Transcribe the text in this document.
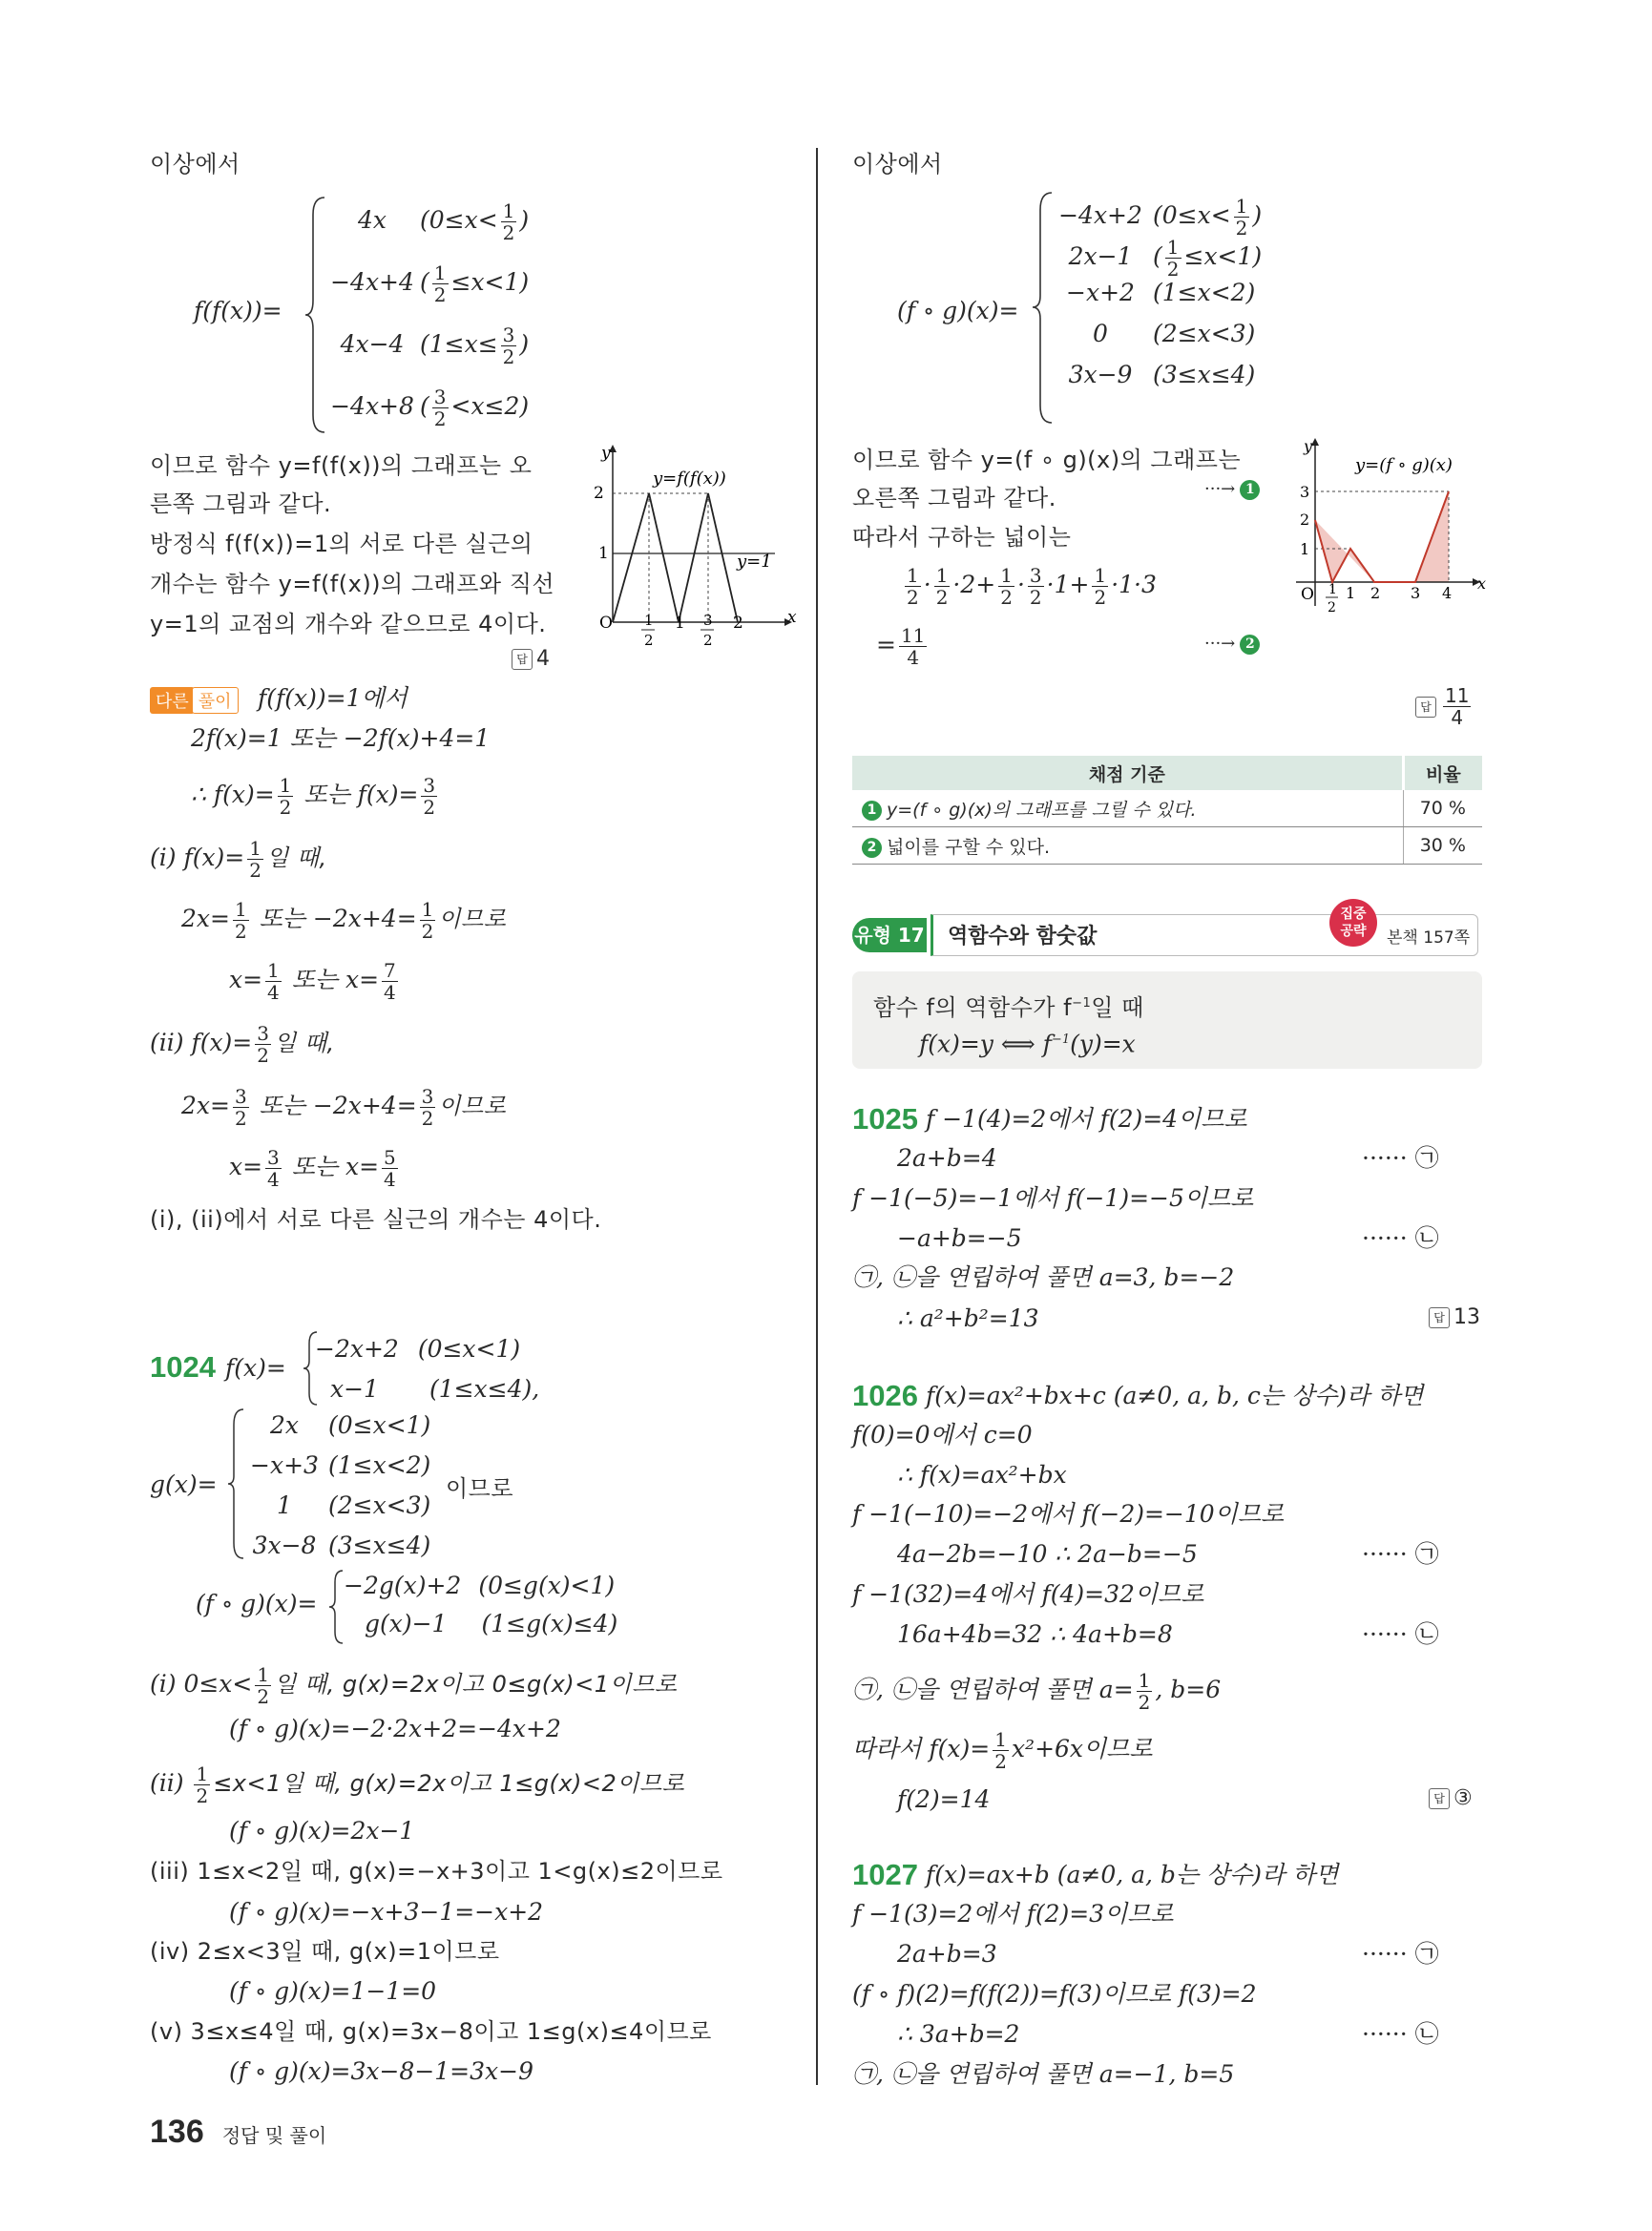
이상에서
f(f(x))=
4x ($0\le x< \frac{1}{2}$ )
−4x+4 ( $\frac{1}{2} \le x<1$)
4x−4 ($1\le x\le \frac{3}{2}$ )
−4x+8 ( $\frac{3}{2} <x\le 2$)
이므로 함수 y=f(f(x))의 그래프는 오
른쪽 그림과 같다.
방정식 f(f(x))=1의 서로 다른 실근의
개수는 함수 y=f(f(x))의 그래프와 직선
y=1의 교점의 개수와 같으므로 4이다.
답 4
y
x
y=f(f(x))
y=1
2
1
O 1
2
1 3
2
2
다른 풀이 f(f(x))=1에서
2f(x)=1 또는 −2f(x)+4=1
∴ $f(x)= \frac{1}{2}$ 또는 $f(x)= \frac{3}{2}$
(i) $f(x)= \frac{1}{2}$ 일 때,
$2x= \frac{1}{2}$ 또는 $-2x+4= \frac{1}{2}$ 이므로
$x= \frac{1}{4}$ 또는 $x= \frac{7}{4}$
(ii) $f(x)= \frac{3}{2}$ 일 때,
$2x= \frac{3}{2}$ 또는 $-2x+4= \frac{3}{2}$ 이므로
$x= \frac{3}{4}$ 또는 $x= \frac{5}{4}$
(i), (ii)에서 서로 다른 실근의 개수는 4이다.
1024 f(x)=
−2x+2 (0≤x<1)
x−1 (1≤x≤4),
g(x)=
2x (0≤x<1)
−x+3 (1≤x<2)
1 (2≤x<3)
3x−8 (3≤x≤4)
이므로
(f ∘ g)(x)=
−2g(x)+2 (0≤g(x)<1)
g(x)−1 (1≤g(x)≤4)
(i) $0\le x< \frac{1}{2}$ 일 때, g(x)=2x이고 0≤g(x)<1이므로
(f ∘ g)(x)=−2·2x+2=−4x+2
$(ii) \frac{1}{2} \le x<1$일 때, g(x)=2x이고 1≤g(x)<2이므로
(f ∘ g)(x)=2x−1
(iii) 1≤x<2일 때, g(x)=−x+3이고 1<g(x)≤2이므로
(f ∘ g)(x)=−x+3−1=−x+2
(iv) 2≤x<3일 때, g(x)=1이므로
(f ∘ g)(x)=1−1=0
(v) 3≤x≤4일 때, g(x)=3x−8이고 1≤g(x)≤4이므로
(f ∘ g)(x)=3x−8−1=3x−9
136 정답 및 풀이
이상에서
(f ∘ g)(x)=
−4x+2 ($0\le x< \frac{1}{2}$ )
2x−1 ( $\frac{1}{2} \le x<1$)
−x+2 (1≤x<2)
0 (2≤x<3)
3x−9 (3≤x≤4)
이므로 함수 y=(f ∘ g)(x)의 그래프는
오른쪽 그림과 같다.	···→ 1
따라서 구하는 넓이는
$\frac{1}{2} \cdot \frac{1}{2} \cdot 2+ \frac{1}{2} \cdot \frac{3}{2} \cdot 1+ \frac{1}{2} \cdot 1\cdot 3$
= $\frac{11}{4}$	···→ 2
답 $\frac{11}{4}$
y
x
y=(f ∘ g)(x)
3
2
1
O 1
2
1 2 3 4
채점 기준	비율
1 y=(f ∘ g)(x)의 그래프를 그릴 수 있다.	70 %
2 넓이를 구할 수 있다.	30 %
유형 17 역함수와 함숫값
집중
공략	본책 157쪽
함수 f의 역함수가 $f^{-1}$일 때
f(x)=y ⟺ $f^{-1}(y)=x$
1025 f −1(4)=2에서 f(2)=4이므로
2a+b=4	······ ㉠
f −1(−5)=−1에서 f(−1)=−5이므로
−a+b=−5	······ ㉡
㉠, ㉡을 연립하여 풀면 a=3, b=−2
∴ a²+b²=13	답 13
1026 f(x)=ax²+bx+c (a≠0, a, b, c는 상수)라 하면
f(0)=0에서 c=0
∴ f(x)=ax²+bx
f −1(−10)=−2에서 f(−2)=−10이므로
4a−2b=−10 ∴ 2a−b=−5	······ ㉠
f −1(32)=4에서 f(4)=32이므로
16a+4b=32 ∴ 4a+b=8	······ ㉡
㉠, ㉡을 연립하여 풀면 $a= \frac{1}{2}$ , b=6
따라서 $f(x)= \frac{1}{2} x^2+6x$이므로
f(2)=14	답 ③
1027 f(x)=ax+b (a≠0, a, b는 상수)라 하면
f −1(3)=2에서 f(2)=3이므로
2a+b=3	······ ㉠
(f ∘ f)(2)=f(f(2))=f(3)이므로 f(3)=2
∴ 3a+b=2	······ ㉡
㉠, ㉡을 연립하여 풀면 a=−1, b=5
